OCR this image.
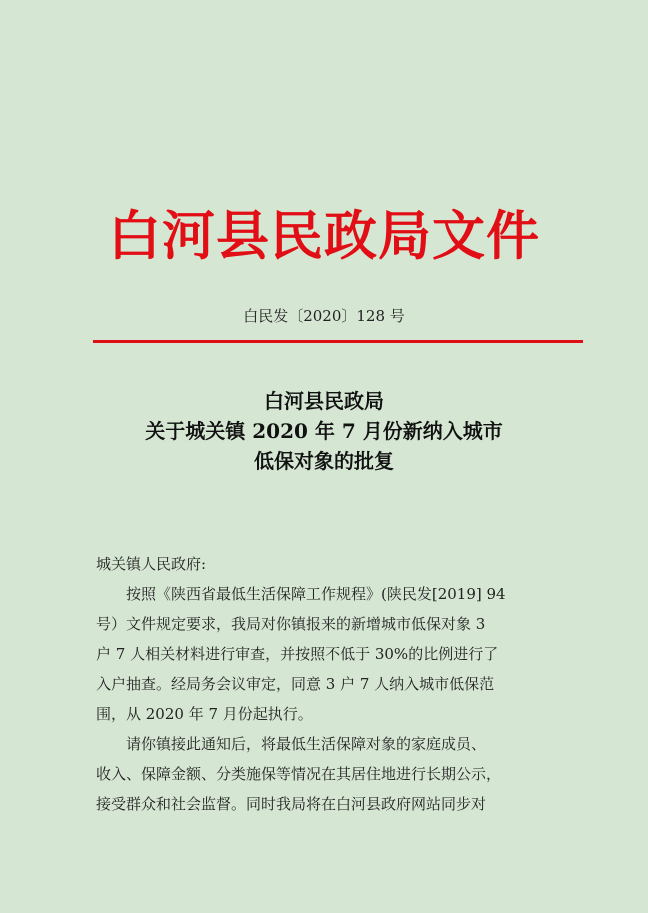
白河县民政局文件
白民发〔2020〕128 号
白河县民政局
关于城关镇 2020 年 7 月份新纳入城市
低保对象的批复

城关镇人民政府:

按照《陕西省最低生活保障工作规程》(陕民发[2019] 94

号）文件规定要求，我局对你镇报来的新增城市低保对象 3

户 7 人相关材料进行审查，并按照不低于 30%的比例进行了

入户抽查。经局务会议审定，同意 3 户 7 人纳入城市低保范

围，从 2020 年 7 月份起执行。

请你镇接此通知后，将最低生活保障对象的家庭成员、

收入、保障金额、分类施保等情况在其居住地进行长期公示，

接受群众和社会监督。同时我局将在白河县政府网站同步对
